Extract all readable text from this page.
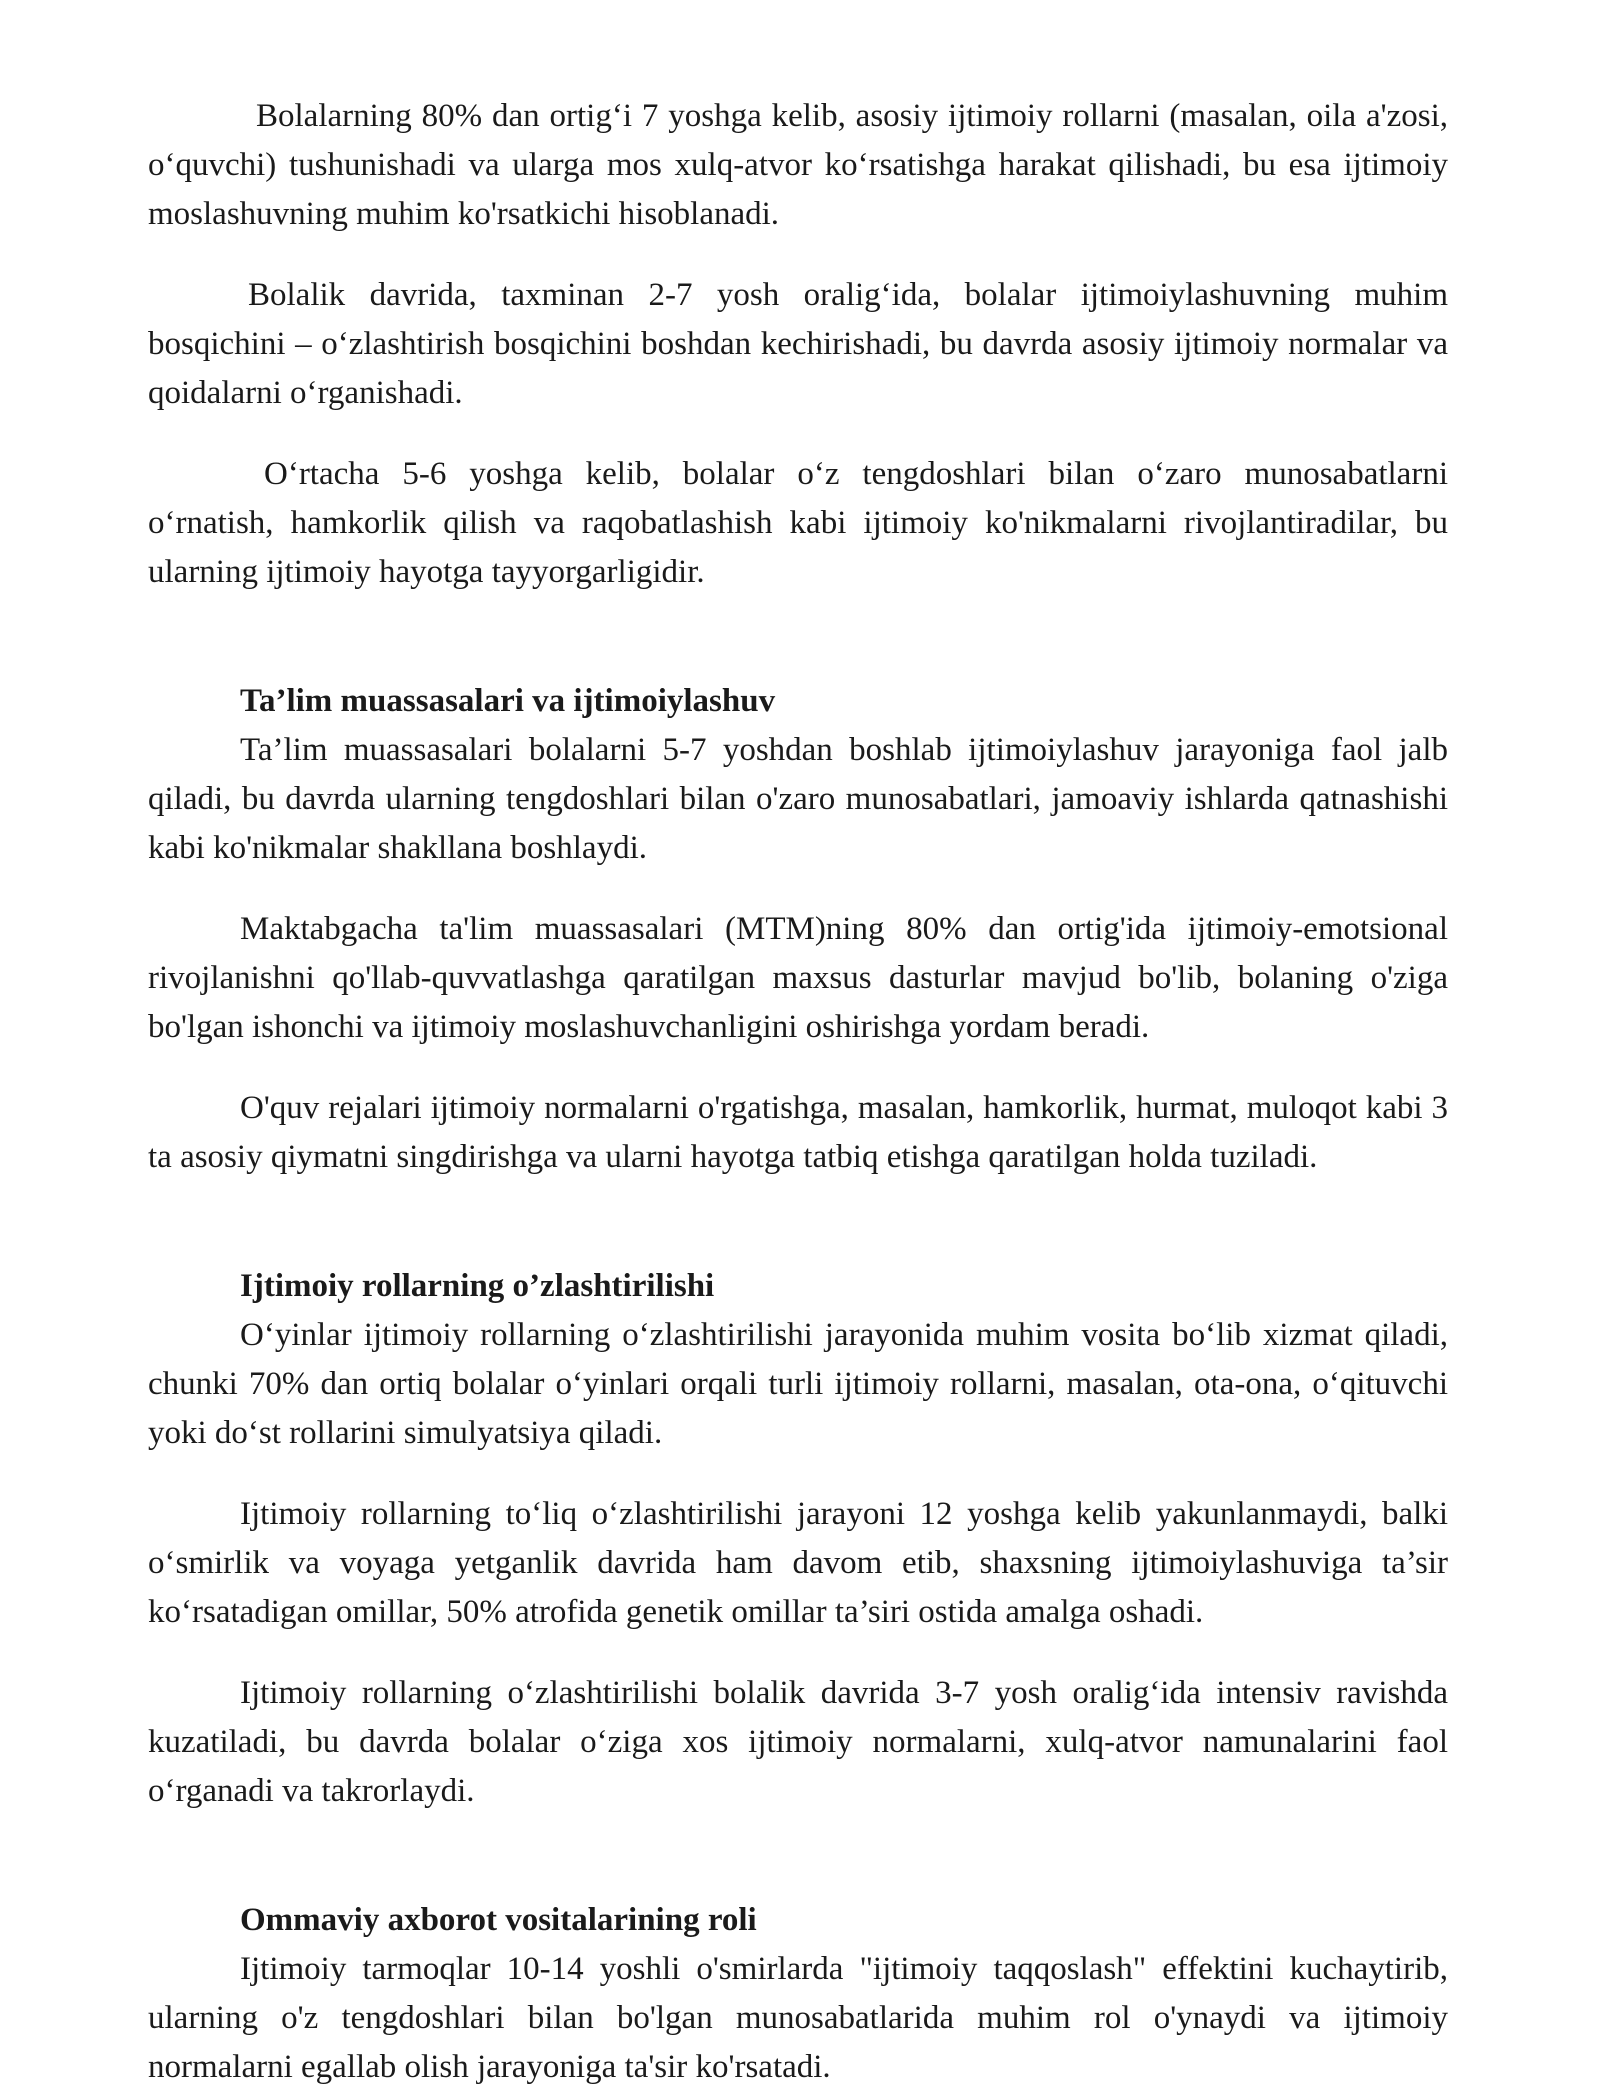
Bolalarning 80% dan ortig‘i 7 yoshga kelib, asosiy ijtimoiy rollarni (masalan, oila a'zosi, o‘quvchi) tushunishadi va ularga mos xulq-atvor ko‘rsatishga harakat qilishadi, bu esa ijtimoiy moslashuvning muhim ko'rsatkichi hisoblanadi.

Bolalik davrida, taxminan 2-7 yosh oralig‘ida, bolalar ijtimoiylashuvning muhim bosqichini – o‘zlashtirish bosqichini boshdan kechirishadi, bu davrda asosiy ijtimoiy normalar va qoidalarni o‘rganishadi.

O‘rtacha 5-6 yoshga kelib, bolalar o‘z tengdoshlari bilan o‘zaro munosabatlarni o‘rnatish, hamkorlik qilish va raqobatlashish kabi ijtimoiy ko'nikmalarni rivojlantiradilar, bu ularning ijtimoiy hayotga tayyorgarligidir.

Ta’lim muassasalari va ijtimoiylashuv

Ta’lim muassasalari bolalarni 5-7 yoshdan boshlab ijtimoiylashuv jarayoniga faol jalb qiladi, bu davrda ularning tengdoshlari bilan o'zaro munosabatlari, jamoaviy ishlarda qatnashishi kabi ko'nikmalar shakllana boshlaydi.

Maktabgacha ta'lim muassasalari (MTM)ning 80% dan ortig'ida ijtimoiy-emotsional rivojlanishni qo'llab-quvvatlashga qaratilgan maxsus dasturlar mavjud bo'lib, bolaning o'ziga bo'lgan ishonchi va ijtimoiy moslashuvchanligini oshirishga yordam beradi.

O'quv rejalari ijtimoiy normalarni o'rgatishga, masalan, hamkorlik, hurmat, muloqot kabi 3 ta asosiy qiymatni singdirishga va ularni hayotga tatbiq etishga qaratilgan holda tuziladi.

Ijtimoiy rollarning o’zlashtirilishi

O‘yinlar ijtimoiy rollarning o‘zlashtirilishi jarayonida muhim vosita bo‘lib xizmat qiladi, chunki 70% dan ortiq bolalar o‘yinlari orqali turli ijtimoiy rollarni, masalan, ota-ona, o‘qituvchi yoki do‘st rollarini simulyatsiya qiladi.

Ijtimoiy rollarning to‘liq o‘zlashtirilishi jarayoni 12 yoshga kelib yakunlanmaydi, balki o‘smirlik va voyaga yetganlik davrida ham davom etib, shaxsning ijtimoiylashuviga ta’sir ko‘rsatadigan omillar, 50% atrofida genetik omillar ta’siri ostida amalga oshadi.

Ijtimoiy rollarning o‘zlashtirilishi bolalik davrida 3-7 yosh oralig‘ida intensiv ravishda kuzatiladi, bu davrda bolalar o‘ziga xos ijtimoiy normalarni, xulq-atvor namunalarini faol o‘rganadi va takrorlaydi.

Ommaviy axborot vositalarining roli

Ijtimoiy tarmoqlar 10-14 yoshli o'smirlarda "ijtimoiy taqqoslash" effektini kuchaytirib, ularning o'z tengdoshlari bilan bo'lgan munosabatlarida muhim rol o'ynaydi va ijtimoiy normalarni egallab olish jarayoniga ta'sir ko'rsatadi.
